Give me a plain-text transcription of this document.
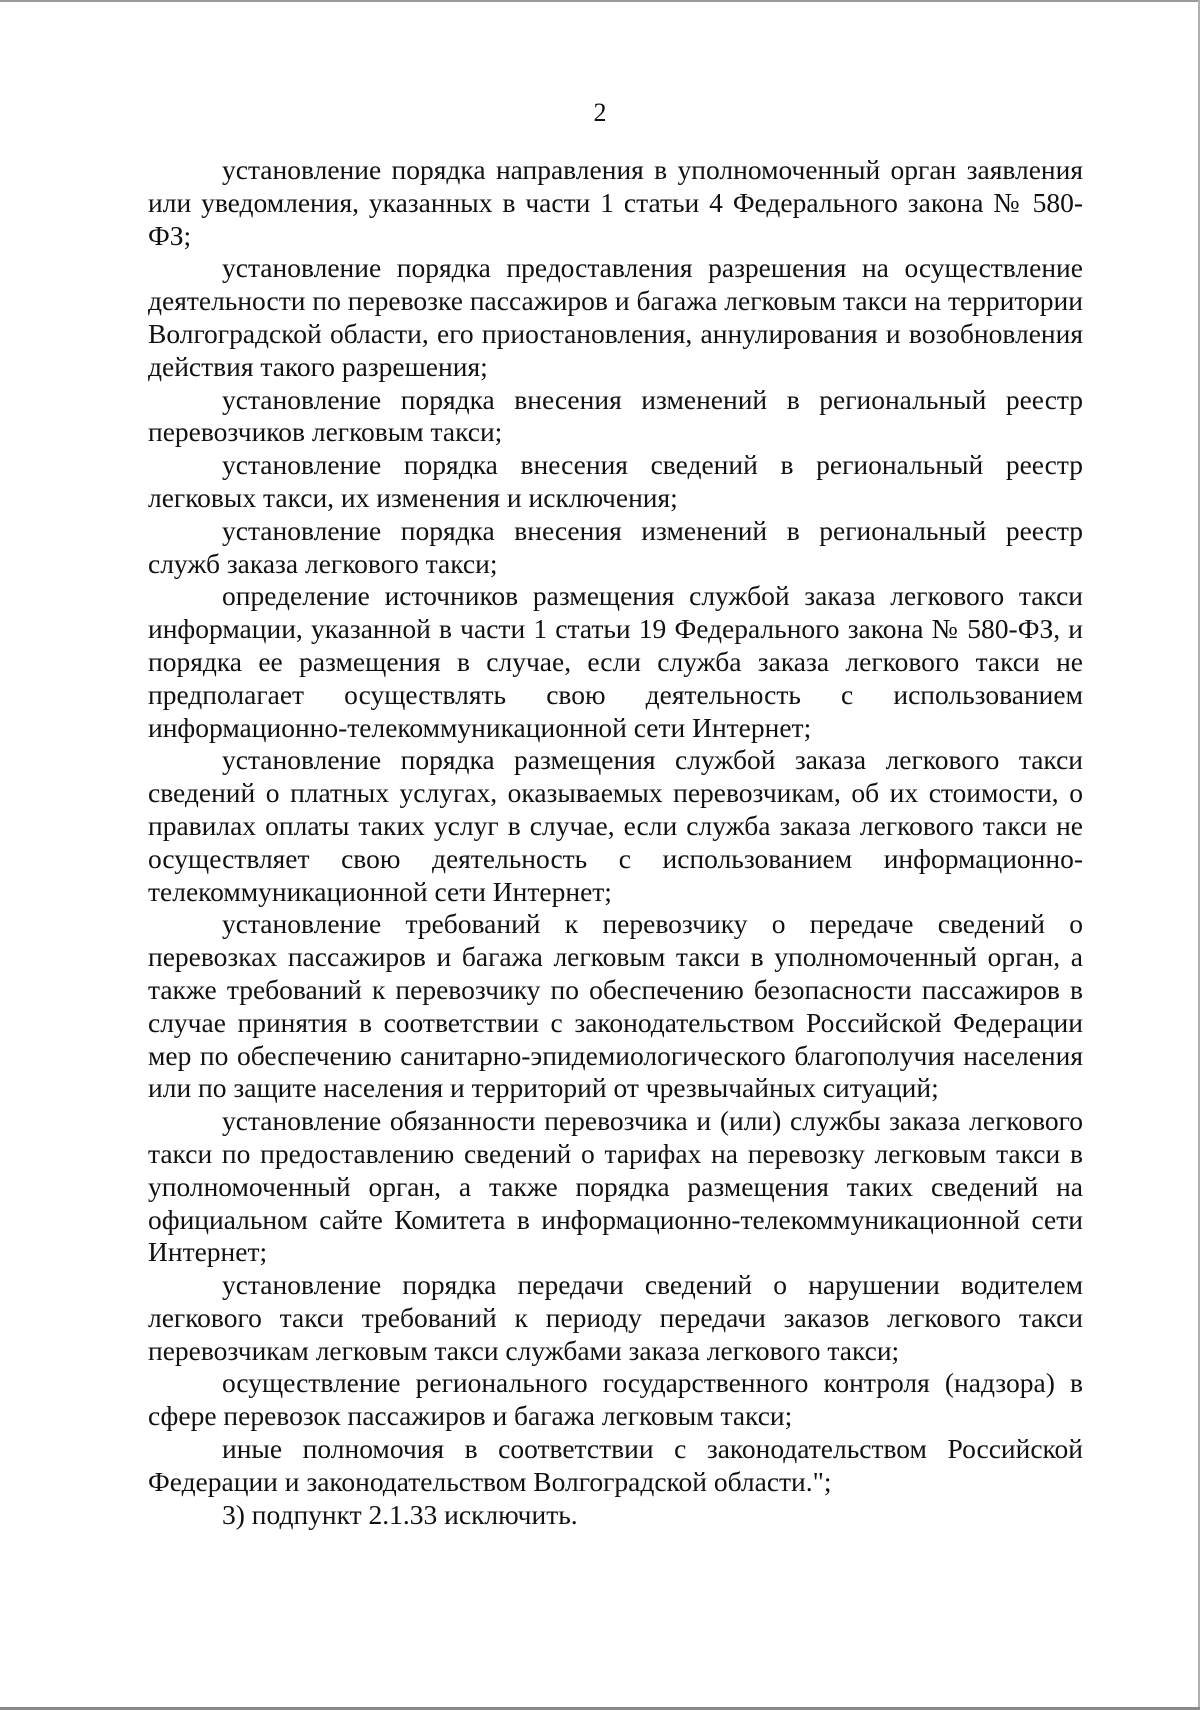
2

установление порядка направления в уполномоченный орган заявления или уведомления, указанных в части 1 статьи 4 Федерального закона № 580-ФЗ;

установление порядка предоставления разрешения на осуществление деятельности по перевозке пассажиров и багажа легковым такси на территории Волгоградской области, его приостановления, аннулирования и возобновления действия такого разрешения;

установление порядка внесения изменений в региональный реестр перевозчиков легковым такси;

установление порядка внесения сведений в региональный реестр легковых такси, их изменения и исключения;

установление порядка внесения изменений в региональный реестр служб заказа легкового такси;

определение источников размещения службой заказа легкового такси информации, указанной в части 1 статьи 19 Федерального закона № 580-ФЗ, и порядка ее размещения в случае, если служба заказа легкового такси не предполагает осуществлять свою деятельность с использованием информационно-телекоммуникационной сети Интернет;

установление порядка размещения службой заказа легкового такси сведений о платных услугах, оказываемых перевозчикам, об их стоимости, о правилах оплаты таких услуг в случае, если служба заказа легкового такси не осуществляет свою деятельность с использованием информационно-телекоммуникационной сети Интернет;

установление требований к перевозчику о передаче сведений о перевозках пассажиров и багажа легковым такси в уполномоченный орган, а также требований к перевозчику по обеспечению безопасности пассажиров в случае принятия в соответствии с законодательством Российской Федерации мер по обеспечению санитарно-эпидемиологического благополучия населения или по защите населения и территорий от чрезвычайных ситуаций;

установление обязанности перевозчика и (или) службы заказа легкового такси по предоставлению сведений о тарифах на перевозку легковым такси в уполномоченный орган, а также порядка размещения таких сведений на официальном сайте Комитета в информационно-телекоммуникационной сети Интернет;

установление порядка передачи сведений о нарушении водителем легкового такси требований к периоду передачи заказов легкового такси перевозчикам легковым такси службами заказа легкового такси;

осуществление регионального государственного контроля (надзора) в сфере перевозок пассажиров и багажа легковым такси;

иные полномочия в соответствии с законодательством Российской Федерации и законодательством Волгоградской области.";

3) подпункт 2.1.33 исключить.
